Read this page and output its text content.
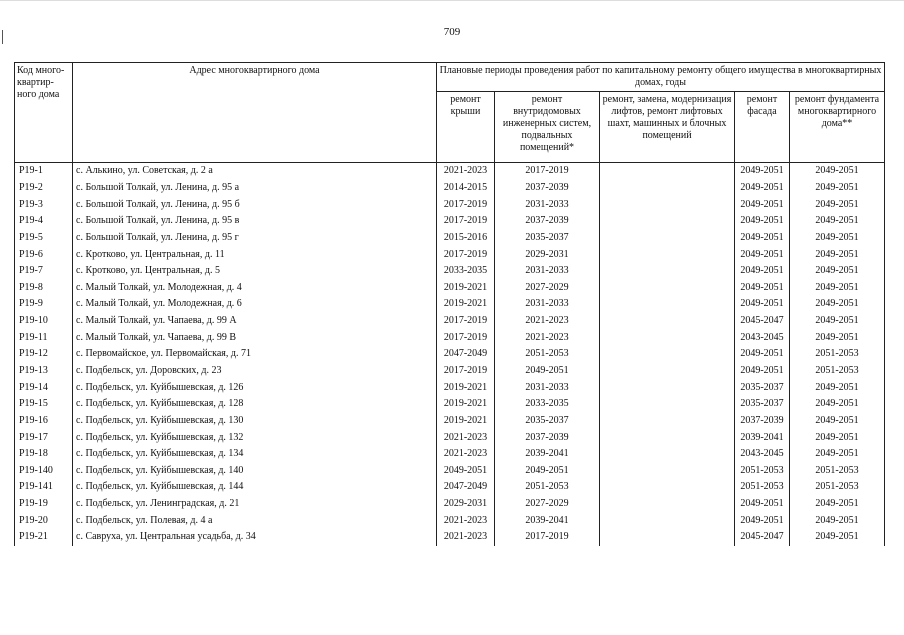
709
Код много-квартир-ного дома	Адрес многоквартирного дома	Плановые периоды проведения работ по капитальному ремонту общего имущества в многоквартирных домах, годы				
		ремонт крыши	ремонт внутридомовых инженерных систем, подвальных помещений*	ремонт, замена, модернизация лифтов, ремонт лифтовых шахт, машинных и блочных помещений	ремонт фасада	ремонт фундамента многоквартирного дома**
Р19-1	с. Алькино, ул. Советская, д. 2 а	2021-2023	2017-2019		2049-2051	2049-2051
Р19-2	с. Большой Толкай, ул. Ленина, д. 95 а	2014-2015	2037-2039		2049-2051	2049-2051
Р19-3	с. Большой Толкай, ул. Ленина, д. 95 б	2017-2019	2031-2033		2049-2051	2049-2051
Р19-4	с. Большой Толкай, ул. Ленина, д. 95 в	2017-2019	2037-2039		2049-2051	2049-2051
Р19-5	с. Большой Толкай, ул. Ленина, д. 95 г	2015-2016	2035-2037		2049-2051	2049-2051
Р19-6	с. Кротково, ул. Центральная, д. 11	2017-2019	2029-2031		2049-2051	2049-2051
Р19-7	с. Кротково, ул. Центральная, д. 5	2033-2035	2031-2033		2049-2051	2049-2051
Р19-8	с. Малый Толкай, ул. Молодежная, д. 4	2019-2021	2027-2029		2049-2051	2049-2051
Р19-9	с. Малый Толкай, ул. Молодежная, д. 6	2019-2021	2031-2033		2049-2051	2049-2051
Р19-10	с. Малый Толкай, ул. Чапаева, д. 99 А	2017-2019	2021-2023		2045-2047	2049-2051
Р19-11	с. Малый Толкай, ул. Чапаева, д. 99 В	2017-2019	2021-2023		2043-2045	2049-2051
Р19-12	с. Первомайское, ул. Первомайская, д. 71	2047-2049	2051-2053		2049-2051	2051-2053
Р19-13	с. Подбельск, ул. Доровских, д. 23	2017-2019	2049-2051		2049-2051	2051-2053
Р19-14	с. Подбельск, ул. Куйбышевская, д. 126	2019-2021	2031-2033		2035-2037	2049-2051
Р19-15	с. Подбельск, ул. Куйбышевская, д. 128	2019-2021	2033-2035		2035-2037	2049-2051
Р19-16	с. Подбельск, ул. Куйбышевская, д. 130	2019-2021	2035-2037		2037-2039	2049-2051
Р19-17	с. Подбельск, ул. Куйбышевская, д. 132	2021-2023	2037-2039		2039-2041	2049-2051
Р19-18	с. Подбельск, ул. Куйбышевская, д. 134	2021-2023	2039-2041		2043-2045	2049-2051
Р19-140	с. Подбельск, ул. Куйбышевская, д. 140	2049-2051	2049-2051		2051-2053	2051-2053
Р19-141	с. Подбельск, ул. Куйбышевская, д. 144	2047-2049	2051-2053		2051-2053	2051-2053
Р19-19	с. Подбельск, ул. Ленинградская, д. 21	2029-2031	2027-2029		2049-2051	2049-2051
Р19-20	с. Подбельск, ул. Полевая, д. 4 а	2021-2023	2039-2041		2049-2051	2049-2051
Р19-21	с. Савруха, ул. Центральная усадьба, д. 34	2021-2023	2017-2019		2045-2047	2049-2051
